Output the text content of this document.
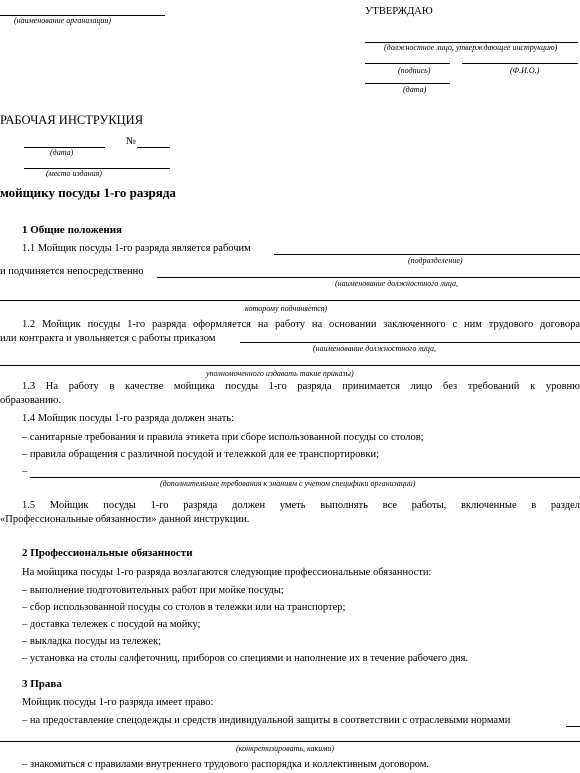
(наименование организации)
УТВЕРЖДАЮ
(должностное лицо, утверждающее инструкцию)
(подпись)	(Ф.И.О.)
(дата)
РАБОЧАЯ ИНСТРУКЦИЯ
№
(дата)
(место издания)
мойщику посуды 1-го разряда
1 Общие положения
1.1 Мойщик посуды 1-го разряда является рабочим
(подразделение)
и подчиняется непосредственно
(наименование должностного лица,
которому подчиняется)
1.2 Мойщик посуды 1-го разряда оформляется на работу на основании заключенного с ним трудового договора
или контракта и увольняется с работы приказом
(наименование должностного лица,
уполномоченного издавать такие приказы)
1.3 На работу в качестве мойщика посуды 1-го разряда принимается лицо без требований к уровню
образованию.
1.4 Мойщик посуды 1-го разряда должен знать:
– санитарные требования и правила этикета при сборе использованной посуды со столов;
– правила обращения с различной посудой и тележкой для ее транспортировки;
–
(дополнительные требования к знаниям с учетом специфики организации)
1.5 Мойщик посуды 1-го разряда должен уметь выполнять все работы, включенные в раздел
«Профессиональные обязанности» данной инструкции.
2 Профессиональные обязанности
На мойщика посуды 1-го разряда возлагаются следующие профессиональные обязанности:
– выполнение подготовительных работ при мойке посуды;
– сбор использованной посуды со столов в тележки или на транспортер;
– доставка тележек с посудой на мойку;
– выкладка посуды из тележек;
– установка на столы салфеточниц, приборов со специями и наполнение их в течение рабочего дня.
3 Права
Мойщик посуды 1-го разряда имеет право:
– на предоставление спецодежды и средств индивидуальной защиты в соответствии с отраслевыми нормами
(конкретизировать, какими)
– знакомиться с правилами внутреннего трудового распорядка и коллективным договором.
